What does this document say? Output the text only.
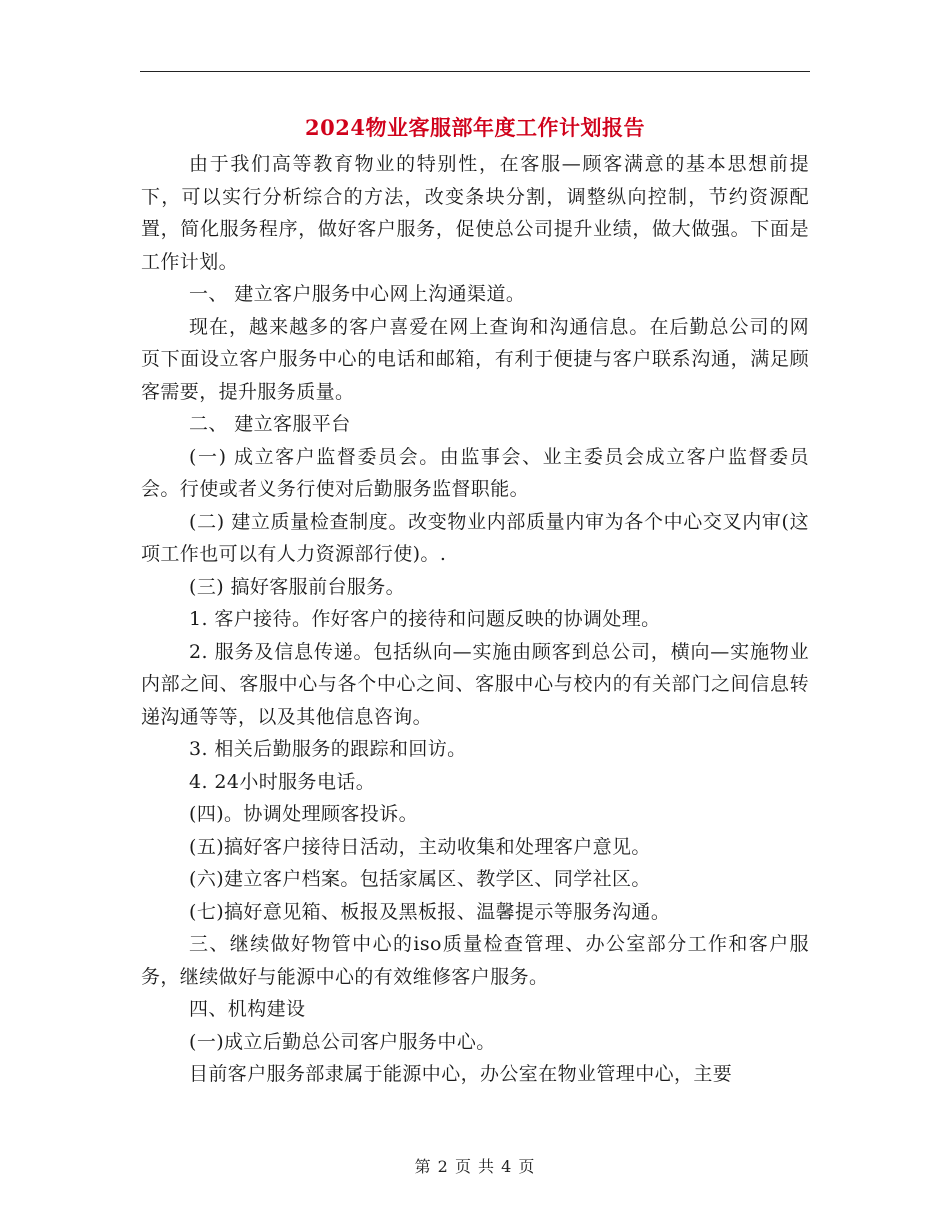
2024物业客服部年度工作计划报告

由于我们高等教育物业的特别性，在客服—顾客满意的基本思想前提下，可以实行分析综合的方法，改变条块分割，调整纵向控制，节约资源配置，简化服务程序，做好客户服务，促使总公司提升业绩，做大做强。下面是工作计划。

一、 建立客户服务中心网上沟通渠道。

现在，越来越多的客户喜爱在网上查询和沟通信息。在后勤总公司的网页下面设立客户服务中心的电话和邮箱，有利于便捷与客户联系沟通，满足顾客需要，提升服务质量。

二、 建立客服平台

(一) 成立客户监督委员会。由监事会、业主委员会成立客户监督委员会。行使或者义务行使对后勤服务监督职能。

(二) 建立质量检查制度。改变物业内部质量内审为各个中心交叉内审(这项工作也可以有人力资源部行使)。.

(三) 搞好客服前台服务。

1. 客户接待。作好客户的接待和问题反映的协调处理。

2. 服务及信息传递。包括纵向—实施由顾客到总公司，横向—实施物业内部之间、客服中心与各个中心之间、客服中心与校内的有关部门之间信息转递沟通等等，以及其他信息咨询。

3. 相关后勤服务的跟踪和回访。

4. 24小时服务电话。

(四)。协调处理顾客投诉。

(五)搞好客户接待日活动，主动收集和处理客户意见。

(六)建立客户档案。包括家属区、教学区、同学社区。

(七)搞好意见箱、板报及黑板报、温馨提示等服务沟通。

三、继续做好物管中心的iso质量检查管理、办公室部分工作和客户服务，继续做好与能源中心的有效维修客户服务。

四、机构建设

(一)成立后勤总公司客户服务中心。

目前客户服务部隶属于能源中心，办公室在物业管理中心，主要

第 2 页 共 4 页
